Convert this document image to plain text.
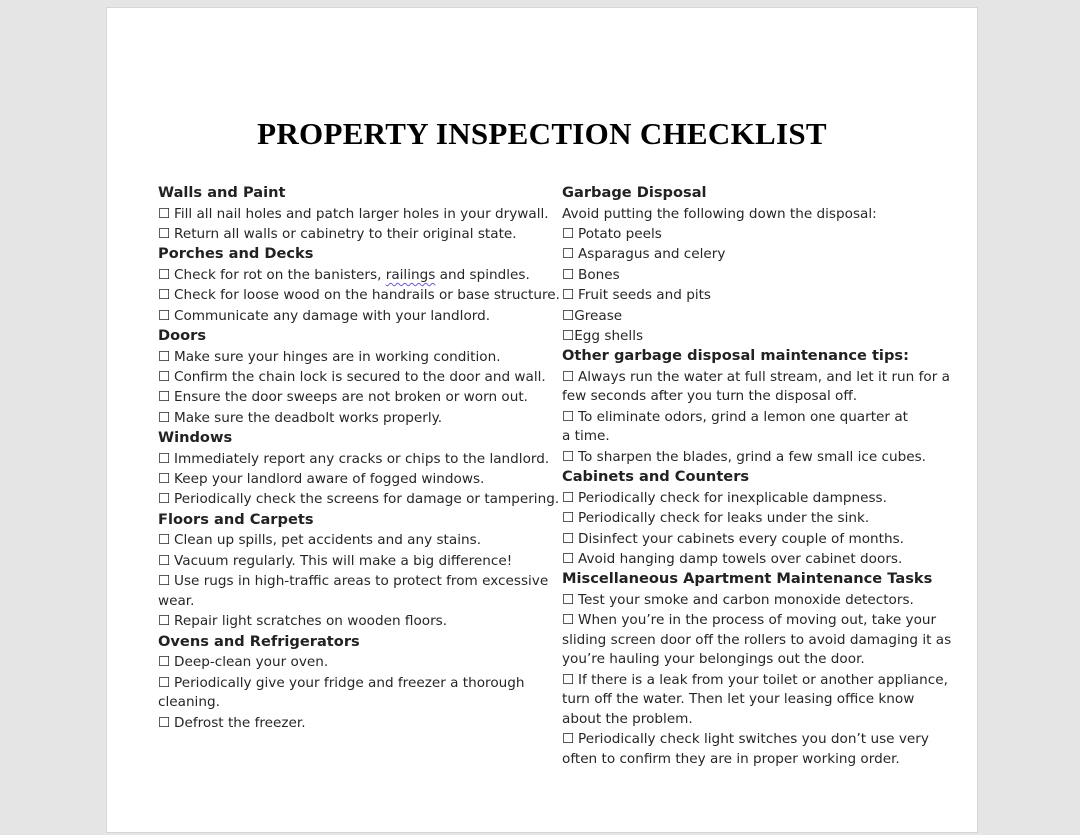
PROPERTY INSPECTION CHECKLIST
Walls and Paint
☐ Fill all nail holes and patch larger holes in your drywall.
☐ Return all walls or cabinetry to their original state.
Porches and Decks
☐ Check for rot on the banisters, railings and spindles.
☐ Check for loose wood on the handrails or base structure.
☐ Communicate any damage with your landlord.
Doors
☐ Make sure your hinges are in working condition.
☐ Confirm the chain lock is secured to the door and wall.
☐ Ensure the door sweeps are not broken or worn out.
☐ Make sure the deadbolt works properly.
Windows
☐ Immediately report any cracks or chips to the landlord.
☐ Keep your landlord aware of fogged windows.
☐ Periodically check the screens for damage or tampering.
Floors and Carpets
☐ Clean up spills, pet accidents and any stains.
☐ Vacuum regularly. This will make a big difference!
☐ Use rugs in high-traffic areas to protect from excessive
wear.
☐ Repair light scratches on wooden floors.
Ovens and Refrigerators
☐ Deep-clean your oven.
☐ Periodically give your fridge and freezer a thorough
cleaning.
☐ Defrost the freezer.
Garbage Disposal
Avoid putting the following down the disposal:
☐ Potato peels
☐ Asparagus and celery
☐ Bones
☐ Fruit seeds and pits
☐Grease
☐Egg shells
Other garbage disposal maintenance tips:
☐ Always run the water at full stream, and let it run for a
few seconds after you turn the disposal off.
☐ To eliminate odors, grind a lemon one quarter at
a time.
☐ To sharpen the blades, grind a few small ice cubes.
Cabinets and Counters
☐ Periodically check for inexplicable dampness.
☐ Periodically check for leaks under the sink.
☐ Disinfect your cabinets every couple of months.
☐ Avoid hanging damp towels over cabinet doors.
Miscellaneous Apartment Maintenance Tasks
☐ Test your smoke and carbon monoxide detectors.
☐ When you’re in the process of moving out, take your
sliding screen door off the rollers to avoid damaging it as
you’re hauling your belongings out the door.
☐ If there is a leak from your toilet or another appliance,
turn off the water. Then let your leasing office know
about the problem.
☐ Periodically check light switches you don’t use very
often to confirm they are in proper working order.
